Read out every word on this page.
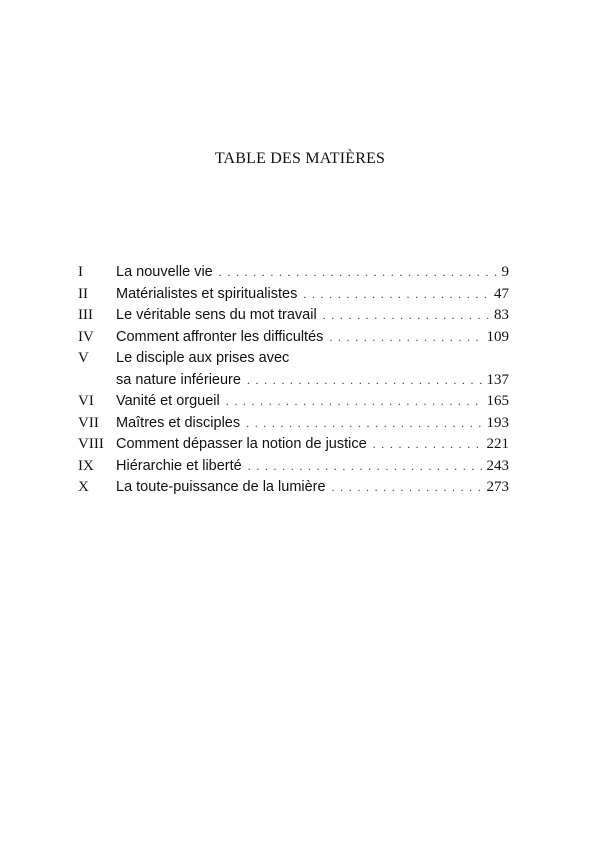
TABLE DES MATIÈRES
I La nouvelle vie . . .	9
II Matérialistes et spiritualistes . . .	47
III Le véritable sens du mot travail . . .	83
IV Comment affronter les difficultés . . .	109
V Le disciple aux prises avec
sa nature inférieure . . .	137
VI Vanité et orgueil . . .	165
VII Maîtres et disciples . . .	193
VIII Comment dépasser la notion de justice . . .	221
IX Hiérarchie et liberté . . .	243
X La toute-puissance de la lumière . . .	273
